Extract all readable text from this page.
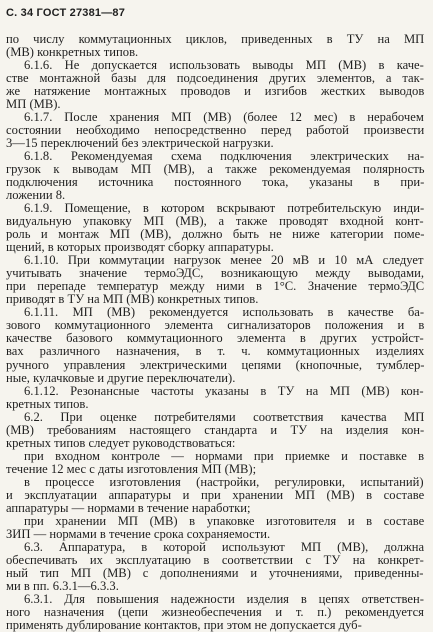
С. 34 ГОСТ 27381—87
по числу коммутационных циклов, приведенных в ТУ на МП
(МВ) конкретных типов.
6.1.6. Не допускается использовать выводы МП (МВ) в каче-
стве монтажной базы для подсоединения других элементов, а так-
же натяжение монтажных проводов и изгибов жестких выводов
МП (МВ).
6.1.7. После хранения МП (МВ) (более 12 мес) в нерабочем
состоянии необходимо непосредственно перед работой произвести
3—15 переключений без электрической нагрузки.
6.1.8. Рекомендуемая схема подключения электрических на-
грузок к выводам МП (МВ), а также рекомендуемая полярность
подключения источника постоянного тока, указаны в при-
ложении 8.
6.1.9. Помещение, в котором вскрывают потребительскую инди-
видуальную упаковку МП (МВ), а также проводят входной конт-
роль и монтаж МП (МВ), должно быть не ниже категории поме-
щений, в которых производят сборку аппаратуры.
6.1.10. При коммутации нагрузок менее 20 мВ и 10 мА следует
учитывать значение термоЭДС, возникающую между выводами,
при перепаде температур между ними в 1°С. Значение термоЭДС
приводят в ТУ на МП (МВ) конкретных типов.
6.1.11. МП (МВ) рекомендуется использовать в качестве ба-
зового коммутационного элемента сигнализаторов положения и в
качестве базового коммутационного элемента в других устройст-
вах различного назначения, в т. ч. коммутационных изделиях
ручного управления электрическими цепями (кнопочные, тумблер-
ные, кулачковые и другие переключатели).
6.1.12. Резонансные частоты указаны в ТУ на МП (МВ) кон-
кретных типов.
6.2. При оценке потребителями соответствия качества МП
(МВ) требованиям настоящего стандарта и ТУ на изделия кон-
кретных типов следует руководствоваться:
при входном контроле — нормами при приемке и поставке в
течение 12 мес с даты изготовления МП (МВ);
в процессе изготовления (настройки, регулировки, испытаний)
и эксплуатации аппаратуры и при хранении МП (МВ) в составе
аппаратуры — нормами в течение наработки;
при хранении МП (МВ) в упаковке изготовителя и в составе
ЗИП — нормами в течение срока сохраняемости.
6.3. Аппаратура, в которой используют МП (МВ), должна
обеспечивать их эксплуатацию в соответствии с ТУ на конкрет-
ный тип МП (МВ) с дополнениями и уточнениями, приведенны-
ми в пп. 6.3.1—6.3.3.
6.3.1. Для повышения надежности изделия в цепях ответствен-
ного назначения (цепи жизнеобеспечения и т. п.) рекомендуется
применять дублирование контактов, при этом не допускается дуб-
